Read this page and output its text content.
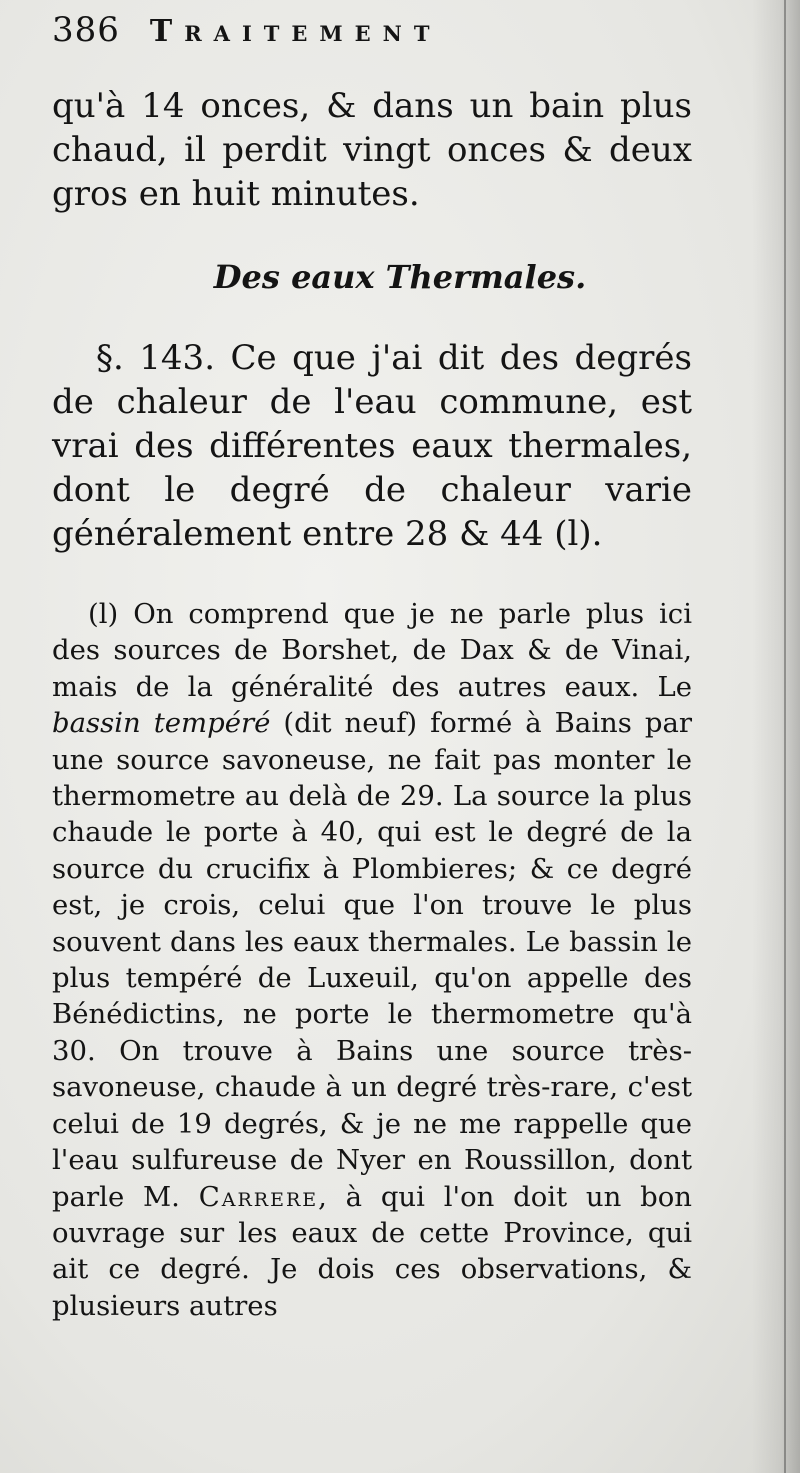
386 Traitement

qu'à 14 onces, & dans un bain plus chaud, il perdit vingt onces & deux gros en huit minutes.

Des eaux Thermales.

§. 143. Ce que j'ai dit des degrés de chaleur de l'eau commune, est vrai des différentes eaux thermales, dont le degré de chaleur varie généralement entre 28 & 44 (l).

(l) On comprend que je ne parle plus ici des sources de Borshet, de Dax & de Vinai, mais de la généralité des autres eaux. Le bassin tempéré (dit neuf) formé à Bains par une source savoneuse, ne fait pas monter le thermometre au delà de 29. La source la plus chaude le porte à 40, qui est le degré de la source du crucifix à Plombieres; & ce degré est, je crois, celui que l'on trouve le plus souvent dans les eaux thermales. Le bassin le plus tempéré de Luxeuil, qu'on appelle des Bénédictins, ne porte le thermometre qu'à 30. On trouve à Bains une source très-savoneuse, chaude à un degré très-rare, c'est celui de 19 degrés, & je ne me rappelle que l'eau sulfureuse de Nyer en Roussillon, dont parle M. Carrere, à qui l'on doit un bon ouvrage sur les eaux de cette Province, qui ait ce degré. Je dois ces observations, & plusieurs autres
